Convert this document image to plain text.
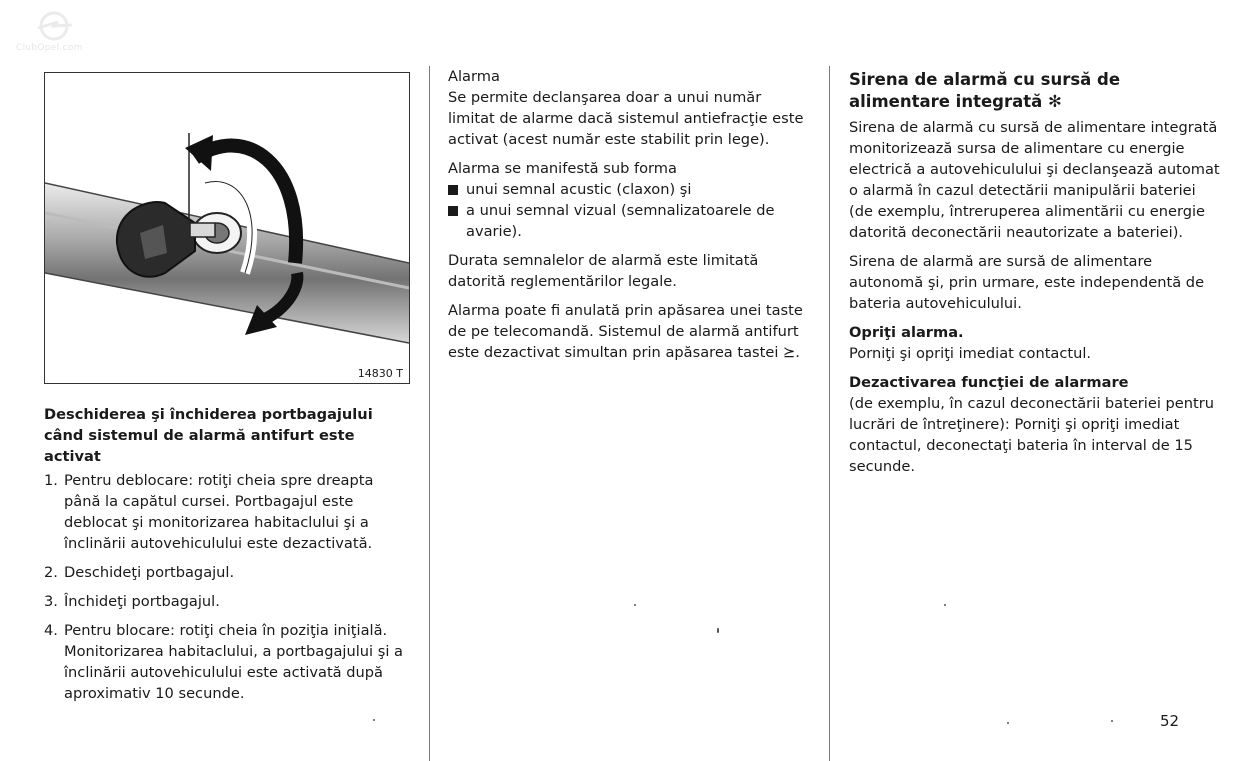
ClubOpel.com
14830 T
Deschiderea şi închiderea portbagajului când sistemul de alarmă antifurt este activat
1. Pentru deblocare: rotiţi cheia spre dreapta până la capătul cursei. Portbagajul este deblocat şi monitorizarea habitaclului şi a înclinării autovehiculului este dezactivată.
2. Deschideţi portbagajul.
3. Închideţi portbagajul.
4. Pentru blocare: rotiţi cheia în poziţia iniţială. Monitorizarea habitaclului, a portbagajului şi a înclinării autovehiculului este activată după aproximativ 10 secunde.
Alarma

Se permite declanşarea doar a unui număr limitat de alarme dacă sistemul antiefracţie este activat (acest număr este stabilit prin lege).

Alarma se manifestă sub forma

unui semnal acustic (claxon) şi
a unui semnal vizual (semnalizatoarele de avarie).

Durata semnalelor de alarmă este limitată datorită reglementărilor legale.

Alarma poate fi anulată prin apăsarea unei taste de pe telecomandă. Sistemul de alarmă antifurt este dezactivat simultan prin apăsarea tastei ⪰.

Sirena de alarmă cu sursă de alimentare integrată ✻

Sirena de alarmă cu sursă de alimentare integrată monitorizează sursa de alimentare cu energie electrică a autovehiculului şi declanşează automat o alarmă în cazul detectării manipulării bateriei (de exemplu, întreruperea alimentării cu energie datorită deconectării neautorizate a bateriei).

Sirena de alarmă are sursă de alimentare autonomă şi, prin urmare, este independentă de bateria autovehiculului.

Opriţi alarma.

Porniţi şi opriţi imediat contactul.

Dezactivarea funcţiei de alarmare

(de exemplu, în cazul deconectării bateriei pentru lucrări de întreţinere): Porniţi şi opriţi imediat contactul, deconectaţi bateria în interval de 15 secunde.

52
